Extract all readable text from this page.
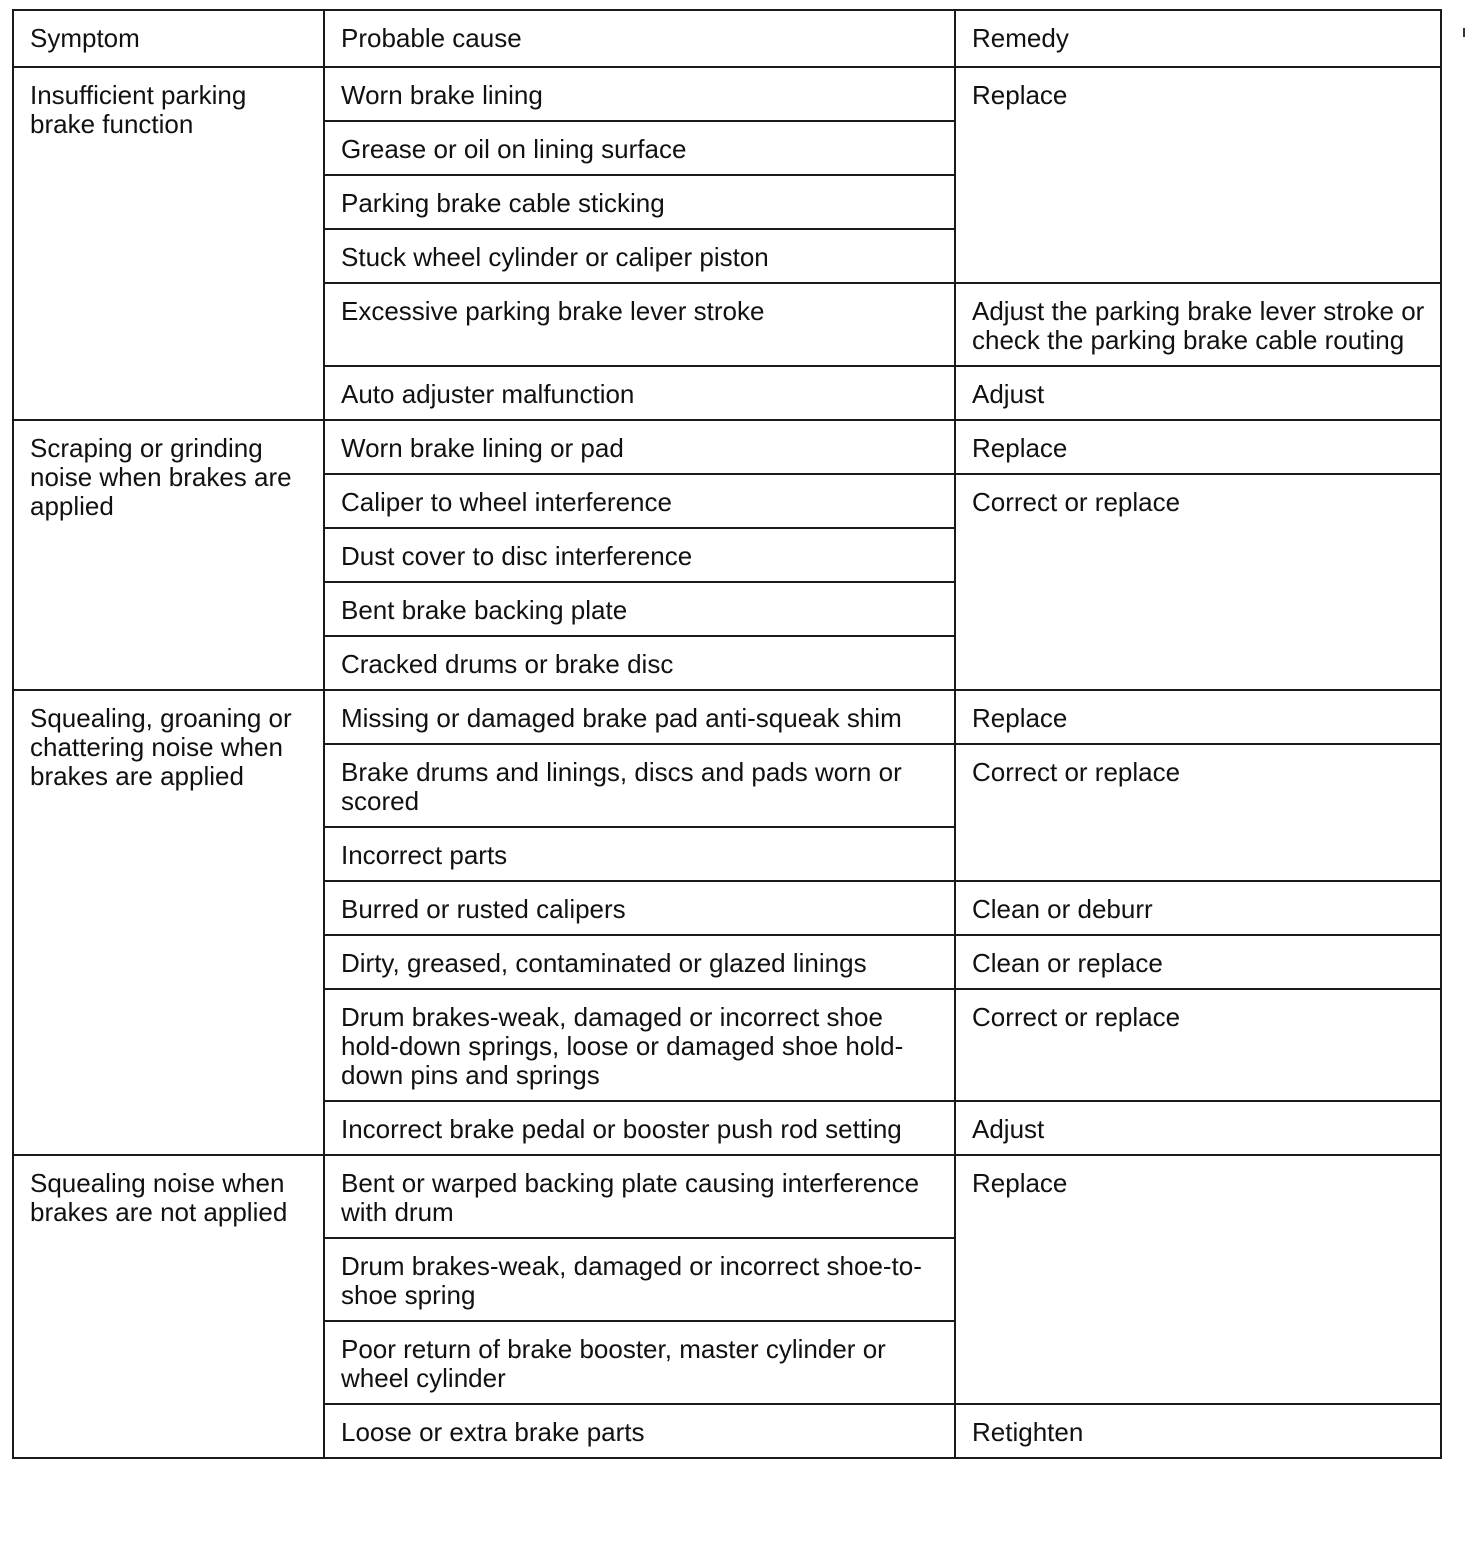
Symptom	Probable cause	Remedy
Insufficient parking brake function	Worn brake lining	Replace
	Grease or oil on lining surface	
	Parking brake cable sticking	
	Stuck wheel cylinder or caliper piston	
	Excessive parking brake lever stroke	Adjust the parking brake lever stroke or check the parking brake cable routing
	Auto adjuster malfunction	Adjust
Scraping or grinding noise when brakes are applied	Worn brake lining or pad	Replace
	Caliper to wheel interference	Correct or replace
	Dust cover to disc interference	
	Bent brake backing plate	
	Cracked drums or brake disc	
Squealing, groaning or chattering noise when brakes are applied	Missing or damaged brake pad anti-squeak shim	Replace
	Brake drums and linings, discs and pads worn or scored	Correct or replace
	Incorrect parts	
	Burred or rusted calipers	Clean or deburr
	Dirty, greased, contaminated or glazed linings	Clean or replace
	Drum brakes-weak, damaged or incorrect shoe hold-down springs, loose or damaged shoe hold-down pins and springs	Correct or replace
	Incorrect brake pedal or booster push rod setting	Adjust
Squealing noise when brakes are not applied	Bent or warped backing plate causing interference with drum	Replace
	Drum brakes-weak, damaged or incorrect shoe-to-shoe spring	
	Poor return of brake booster, master cylinder or wheel cylinder	
	Loose or extra brake parts	Retighten
